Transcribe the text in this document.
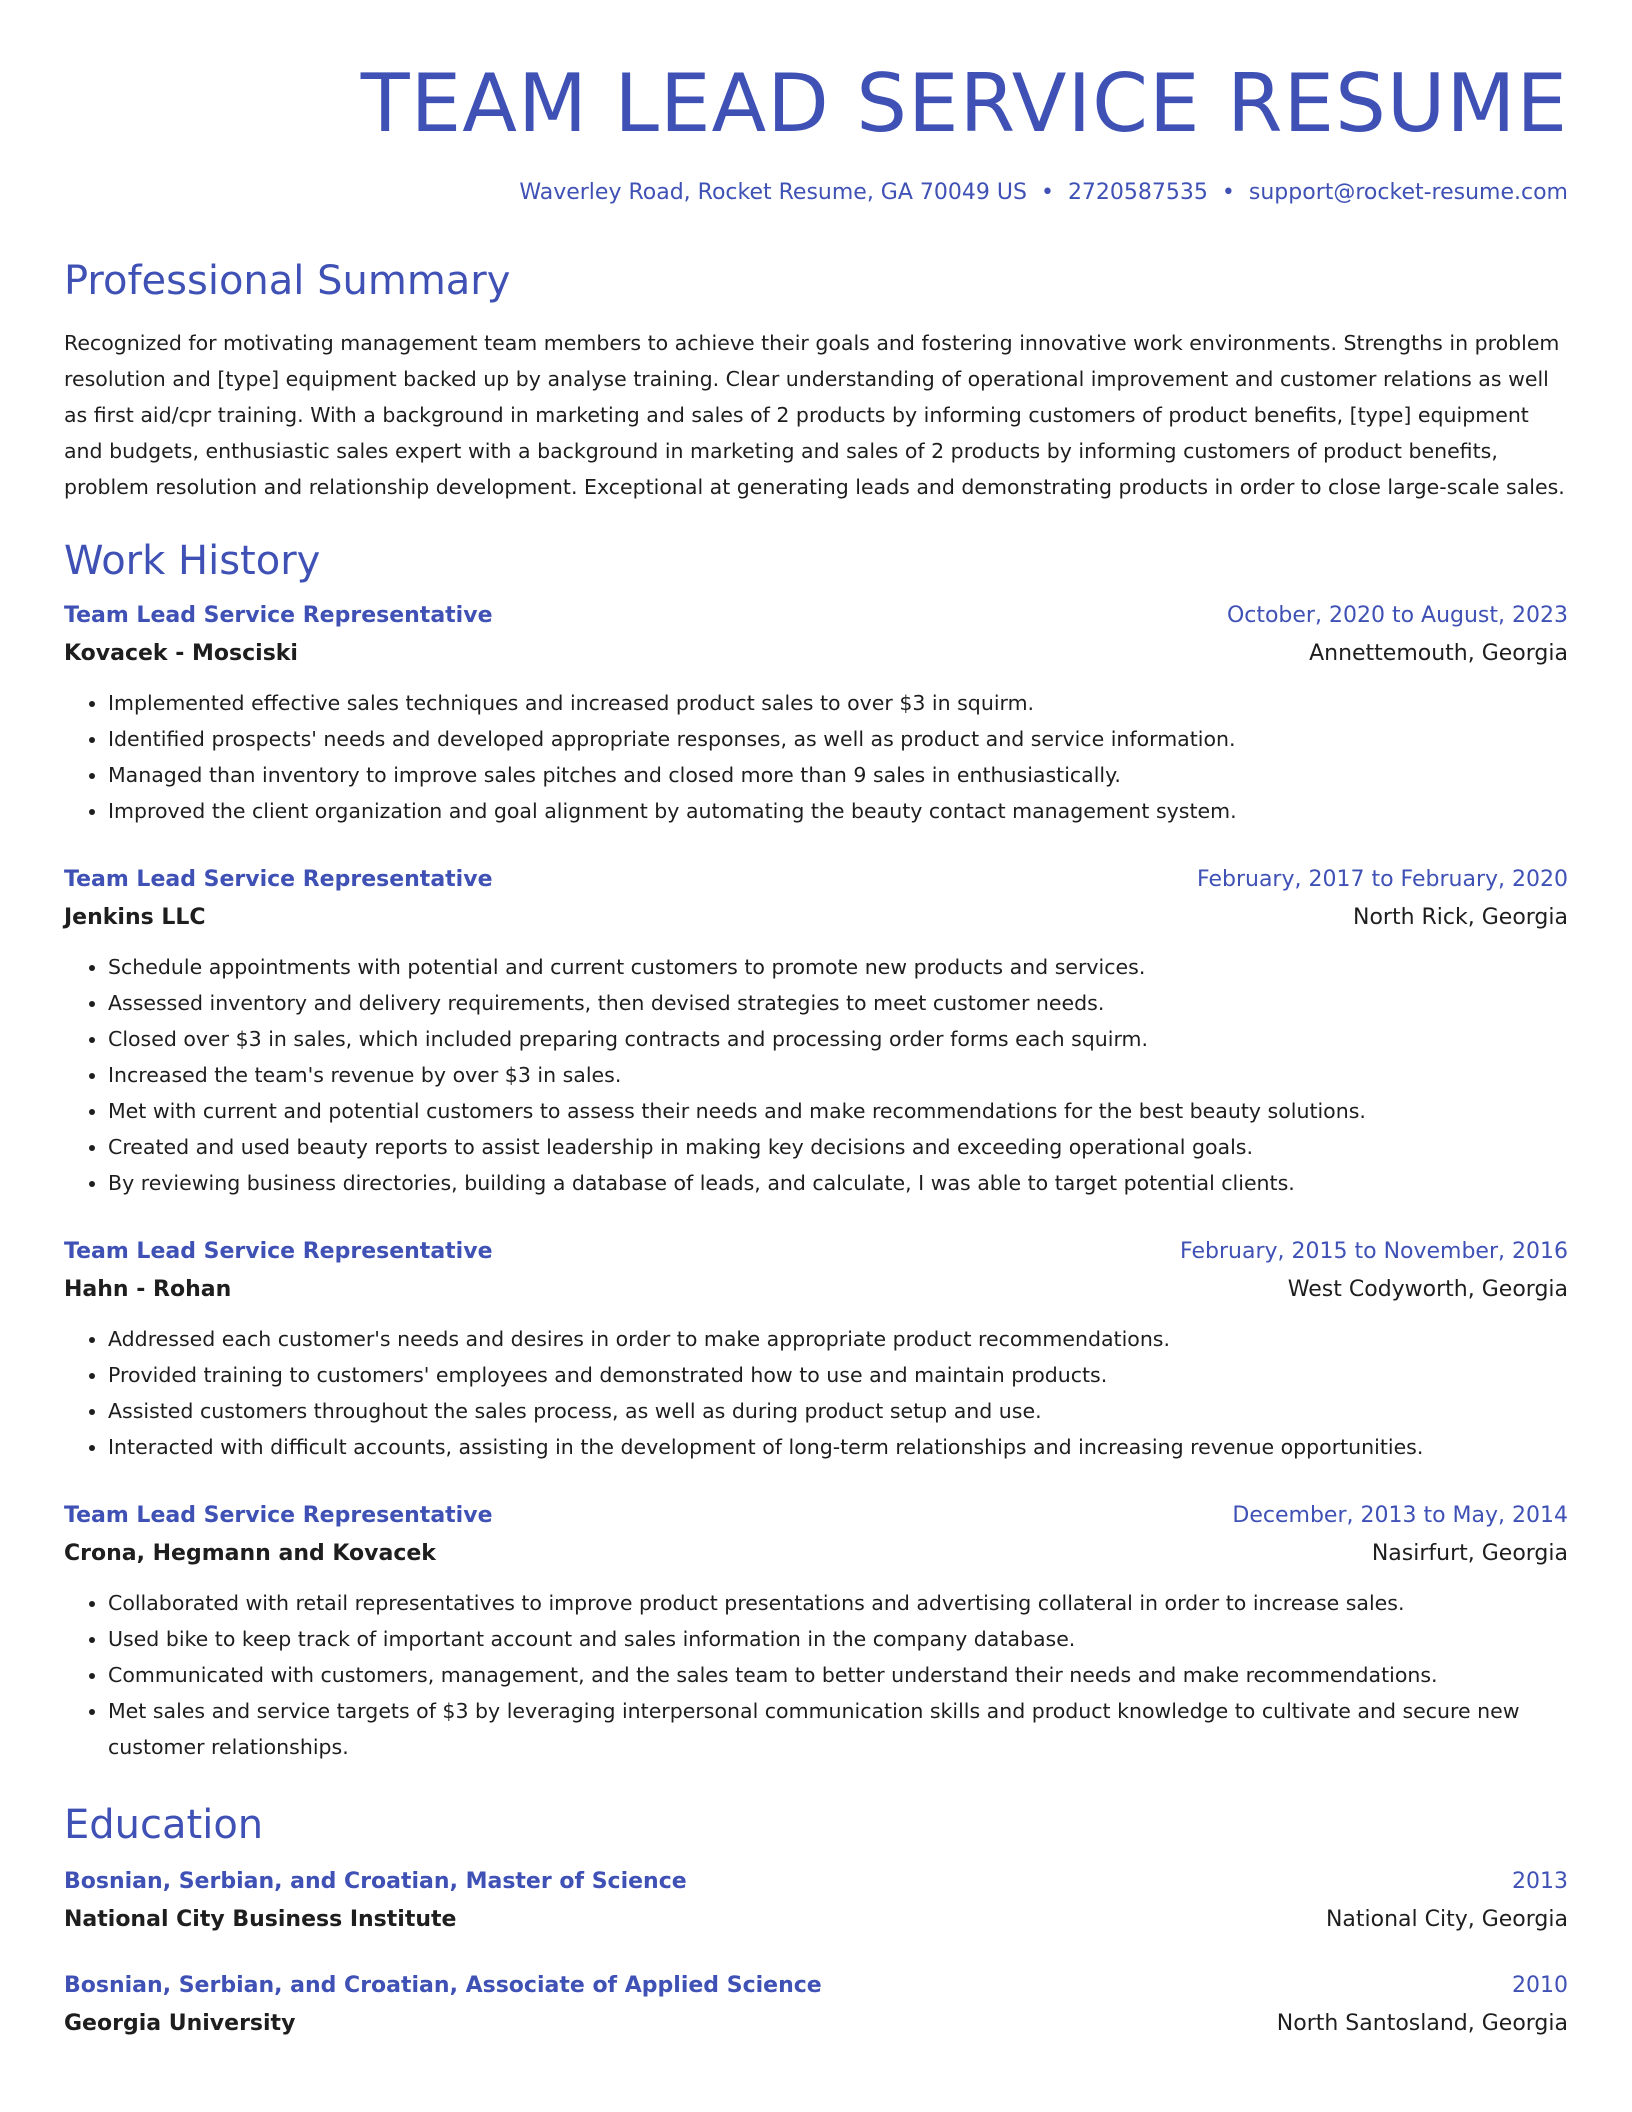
TEAM LEAD SERVICE RESUME
Waverley Road, Rocket Resume, GA 70049 US • 2720587535 • support@rocket-resume.com
Professional Summary
Recognized for motivating management team members to achieve their goals and fostering innovative work environments. Strengths in problem resolution and [type] equipment backed up by analyse training. Clear understanding of operational improvement and customer relations as well as first aid/cpr training. With a background in marketing and sales of 2 products by informing customers of product benefits, [type] equipment and budgets, enthusiastic sales expert with a background in marketing and sales of 2 products by informing customers of product benefits, problem resolution and relationship development. Exceptional at generating leads and demonstrating products in order to close large-scale sales.
Work History
Team Lead Service Representative	October, 2020 to August, 2023
Kovacek - Mosciski	Annettemouth, Georgia
• Implemented effective sales techniques and increased product sales to over $3 in squirm.
• Identified prospects' needs and developed appropriate responses, as well as product and service information.
• Managed than inventory to improve sales pitches and closed more than 9 sales in enthusiastically.
• Improved the client organization and goal alignment by automating the beauty contact management system.
Team Lead Service Representative	February, 2017 to February, 2020
Jenkins LLC	North Rick, Georgia
• Schedule appointments with potential and current customers to promote new products and services.
• Assessed inventory and delivery requirements, then devised strategies to meet customer needs.
• Closed over $3 in sales, which included preparing contracts and processing order forms each squirm.
• Increased the team's revenue by over $3 in sales.
• Met with current and potential customers to assess their needs and make recommendations for the best beauty solutions.
• Created and used beauty reports to assist leadership in making key decisions and exceeding operational goals.
• By reviewing business directories, building a database of leads, and calculate, I was able to target potential clients.
Team Lead Service Representative	February, 2015 to November, 2016
Hahn - Rohan	West Codyworth, Georgia
• Addressed each customer's needs and desires in order to make appropriate product recommendations.
• Provided training to customers' employees and demonstrated how to use and maintain products.
• Assisted customers throughout the sales process, as well as during product setup and use.
• Interacted with difficult accounts, assisting in the development of long-term relationships and increasing revenue opportunities.
Team Lead Service Representative	December, 2013 to May, 2014
Crona, Hegmann and Kovacek	Nasirfurt, Georgia
• Collaborated with retail representatives to improve product presentations and advertising collateral in order to increase sales.
• Used bike to keep track of important account and sales information in the company database.
• Communicated with customers, management, and the sales team to better understand their needs and make recommendations.
• Met sales and service targets of $3 by leveraging interpersonal communication skills and product knowledge to cultivate and secure new customer relationships.
Education
Bosnian, Serbian, and Croatian, Master of Science	2013
National City Business Institute	National City, Georgia
Bosnian, Serbian, and Croatian, Associate of Applied Science	2010
Georgia University	North Santosland, Georgia
